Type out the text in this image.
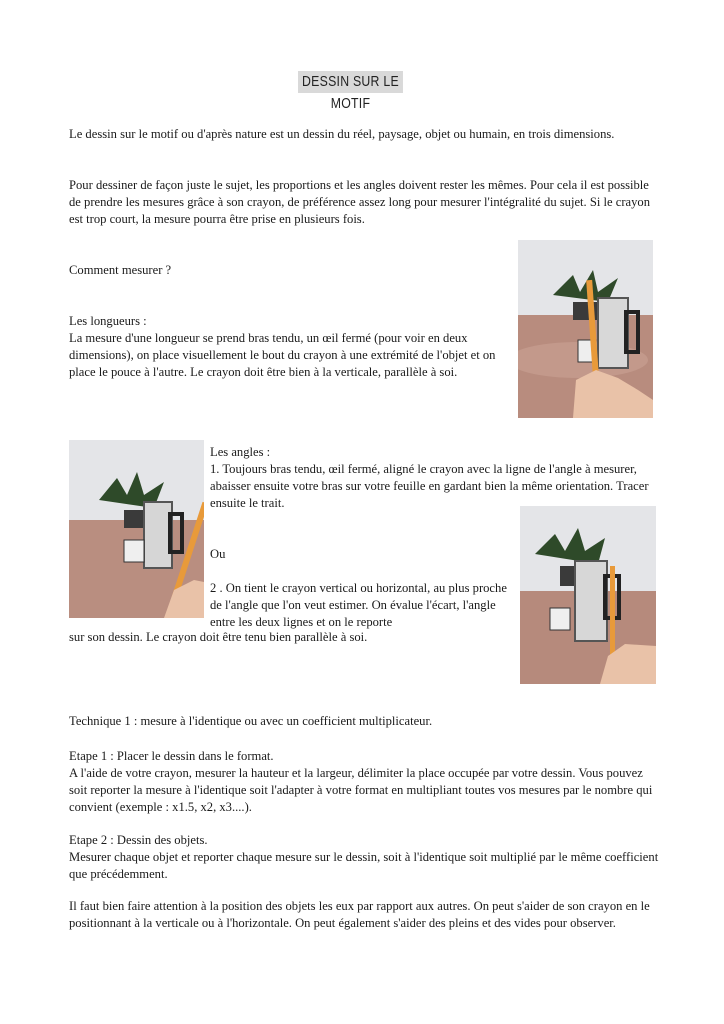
DESSIN SUR LE MOTIF

Le dessin sur le motif ou d'après nature est un dessin du réel, paysage, objet ou humain, en trois dimensions.

Pour dessiner de façon juste le sujet, les proportions et les angles doivent rester les mêmes. Pour cela il est possible de prendre les mesures grâce à son crayon, de préférence assez long pour mesurer l'intégralité du sujet. Si le crayon est trop court, la mesure pourra être prise en plusieurs fois.

Comment mesurer ?

Les longueurs :

La mesure d'une longueur se prend bras tendu, un œil fermé (pour voir en deux dimensions), on place visuellement le bout du crayon à une extrémité de l'objet et on place le pouce à l'autre. Le crayon doit être bien à la verticale, parallèle à soi.

Les angles :

1. Toujours bras tendu, œil fermé, aligné le crayon avec la ligne de l'angle à mesurer, abaisser ensuite votre bras sur votre feuille en gardant bien la même orientation. Tracer ensuite le trait.

Ou

2 . On tient le crayon vertical ou horizontal, au plus proche de l'angle que l'on veut estimer. On évalue l'écart, l'angle entre les deux lignes et on le reporte

sur son dessin. Le crayon doit être tenu bien parallèle à soi.

Technique 1 : mesure à l'identique ou avec un coefficient multiplicateur.

Etape 1 : Placer le dessin dans le format.

A l'aide de votre crayon, mesurer la hauteur et la largeur, délimiter la place occupée par votre dessin. Vous pouvez soit reporter la mesure à l'identique soit l'adapter à votre format en multipliant toutes vos mesures par le nombre qui convient (exemple : x1.5, x2, x3....).

Etape 2 : Dessin des objets.

Mesurer chaque objet et reporter chaque mesure sur le dessin, soit à l'identique soit multiplié par le même coefficient que précédemment.

Il faut bien faire attention à la position des objets les eux par rapport aux autres. On peut s'aider de son crayon en le positionnant à la verticale ou à l'horizontale. On peut également s'aider des pleins et des vides pour observer.
